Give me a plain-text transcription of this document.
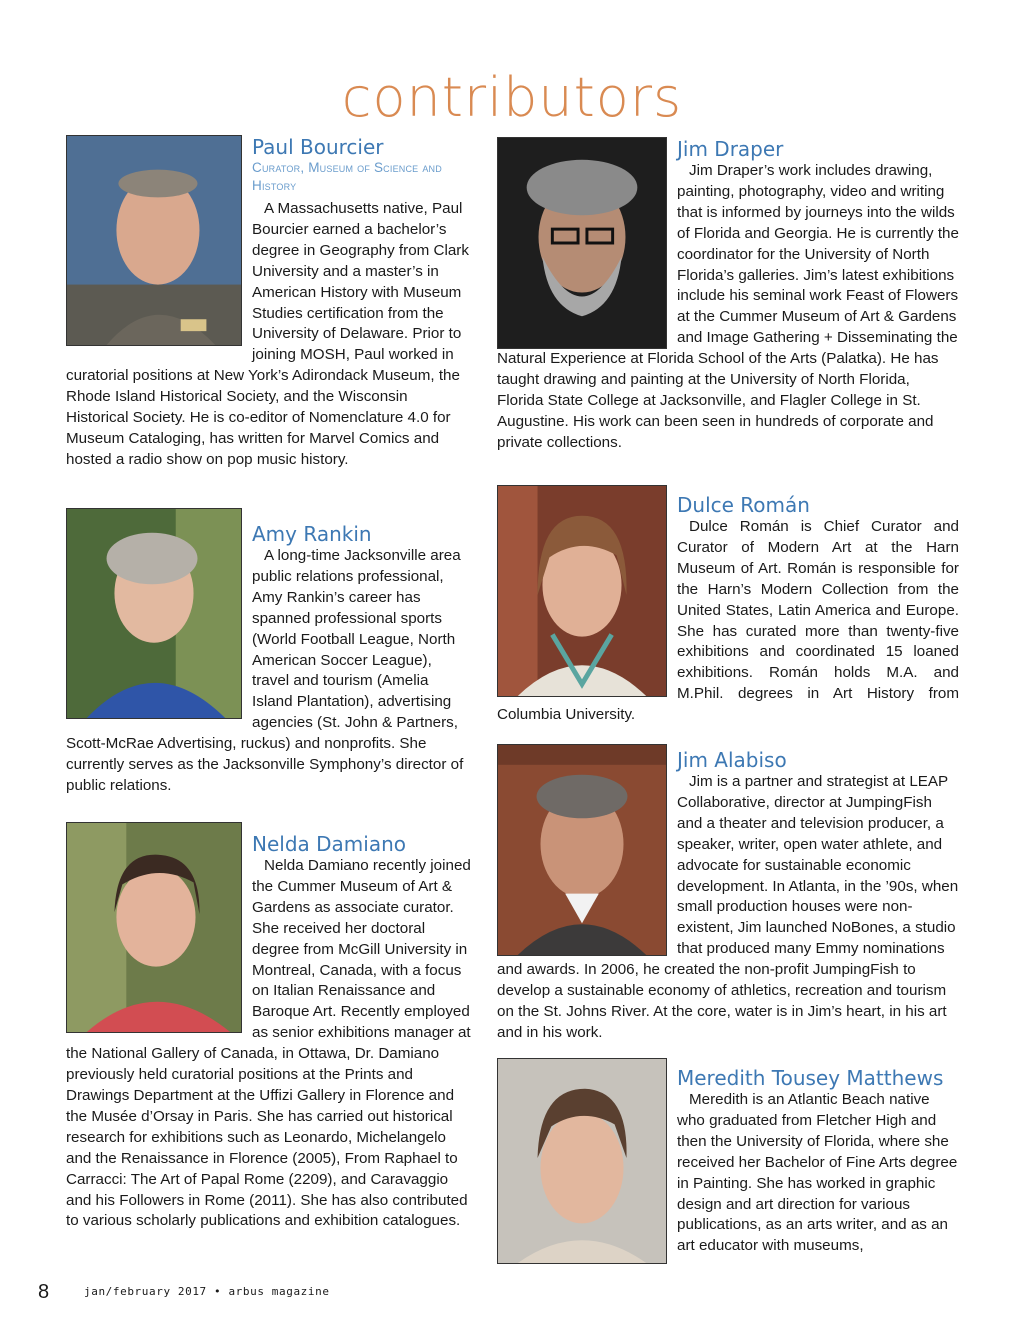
contributors
Paul Bourcier
Curator, Museum of Science and History
A Massachusetts native, Paul Bourcier earned a bachelor’s degree in Geography from Clark University and a master’s in American History with Museum Studies certification from the University of Delaware. Prior to joining MOSH, Paul worked in curatorial positions at New York’s Adirondack Museum, the Rhode Island Historical Society, and the Wisconsin Historical Society. He is co-editor of Nomenclature 4.0 for Museum Cataloging, has written for Marvel Comics and hosted a radio show on pop music history.
Amy Rankin
A long-time Jacksonville area public relations professional, Amy Rankin’s career has spanned professional sports (World Football League, North American Soccer League), travel and tourism (Amelia Island Plantation), advertising agencies (St. John & Partners, Scott-McRae Advertising, ruckus) and nonprofits. She currently serves as the Jacksonville Symphony’s director of public relations.
Nelda Damiano
Nelda Damiano recently joined the Cummer Museum of Art & Gardens as associate curator. She received her doctoral degree from McGill University in Montreal, Canada, with a focus on Italian Renaissance and Baroque Art. Recently employed as senior exhibitions manager at the National Gallery of Canada, in Ottawa, Dr. Damiano previously held curatorial positions at the Prints and Drawings Department at the Uffizi Gallery in Florence and the Musée d’Orsay in Paris. She has carried out historical research for exhibitions such as Leonardo, Michelangelo and the Renaissance in Florence (2005), From Raphael to Carracci: The Art of Papal Rome (2209), and Caravaggio and his Followers in Rome (2011). She has also contributed to various scholarly publications and exhibition catalogues.
Jim Draper
Jim Draper’s work includes drawing, painting, photography, video and writing that is informed by journeys into the wilds of Florida and Georgia. He is currently the coordinator for the University of North Florida’s galleries. Jim’s latest exhibitions include his seminal work Feast of Flowers at the Cummer Museum of Art & Gardens and Image Gathering + Disseminating the Natural Experience at Florida School of the Arts (Palatka). He has taught drawing and painting at the University of North Florida, Florida State College at Jacksonville, and Flagler College in St. Augustine. His work can been seen in hundreds of corporate and private collections.
Dulce Román
Dulce Román is Chief Curator and Curator of Modern Art at the Harn Museum of Art. Román is responsible for the Harn’s Modern Collection from the United States, Latin America and Europe. She has curated more than twenty-five exhibitions and coordinated 15 loaned exhibitions. Román holds M.A. and M.Phil. degrees in Art History from Columbia University.
Jim Alabiso
Jim is a partner and strategist at LEAP Collaborative, director at JumpingFish and a theater and television producer, a speaker, writer, open water athlete, and advocate for sustainable economic development. In Atlanta, in the ’90s, when small production houses were non-existent, Jim launched NoBones, a studio that produced many Emmy nominations and awards. In 2006, he created the non-profit JumpingFish to develop a sustainable economy of athletics, recreation and tourism on the St. Johns River. At the core, water is in Jim’s heart, in his art and in his work.
Meredith Tousey Matthews
Meredith is an Atlantic Beach native who graduated from Fletcher High and then the University of Florida, where she received her Bachelor of Fine Arts degree in Painting. She has worked in graphic design and art direction for various publications, as an arts writer, and as an art educator with museums,
8	jan/february 2017 • arbus magazine
